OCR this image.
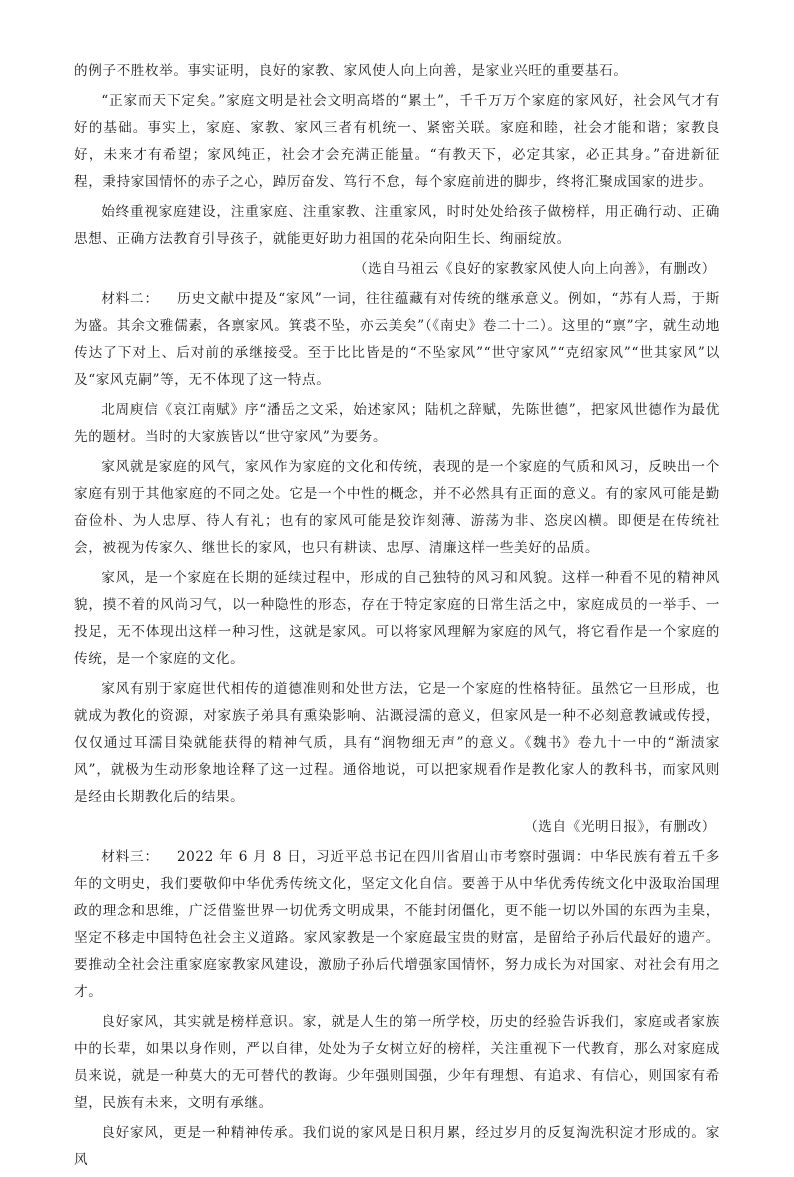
的例子不胜枚举。事实证明，良好的家教、家风使人向上向善，是家业兴旺的重要基石。

“正家而天下定矣。”家庭文明是社会文明高塔的“累土”，千千万万个家庭的家风好，社会风气才有好的基础。事实上，家庭、家教、家风三者有机统一、紧密关联。家庭和睦，社会才能和谐；家教良好，未来才有希望；家风纯正，社会才会充满正能量。“有教天下，必定其家，必正其身。”奋进新征程，秉持家国情怀的赤子之心，踔厉奋发、笃行不怠，每个家庭前进的脚步，终将汇聚成国家的进步。

始终重视家庭建设，注重家庭、注重家教、注重家风，时时处处给孩子做榜样，用正确行动、正确思想、正确方法教育引导孩子，就能更好助力祖国的花朵向阳生长、绚丽绽放。

（选自马祖云《良好的家教家风使人向上向善》，有删改）

材料二： 历史文献中提及“家风”一词，往往蕴藏有对传统的继承意义。例如，“苏有人焉，于斯为盛。其余文雅儒素，各禀家风。箕裘不坠，亦云美矣”（《南史》卷二十二）。这里的“禀”字，就生动地传达了下对上、后对前的承继接受。至于比比皆是的“不坠家风”“世守家风”“克绍家风”“世其家风”以及“家风克嗣”等，无不体现了这一特点。

北周庾信《哀江南赋》序“潘岳之文采，始述家风；陆机之辞赋，先陈世德”，把家风世德作为最优先的题材。当时的大家族皆以“世守家风”为要务。

家风就是家庭的风气，家风作为家庭的文化和传统，表现的是一个家庭的气质和风习，反映出一个家庭有别于其他家庭的不同之处。它是一个中性的概念，并不必然具有正面的意义。有的家风可能是勤奋俭朴、为人忠厚、待人有礼；也有的家风可能是狡诈刻薄、游荡为非、恣戾凶横。即便是在传统社会，被视为传家久、继世长的家风，也只有耕读、忠厚、清廉这样一些美好的品质。

家风，是一个家庭在长期的延续过程中，形成的自己独特的风习和风貌。这样一种看不见的精神风貌，摸不着的风尚习气，以一种隐性的形态，存在于特定家庭的日常生活之中，家庭成员的一举手、一投足，无不体现出这样一种习性，这就是家风。可以将家风理解为家庭的风气，将它看作是一个家庭的传统，是一个家庭的文化。

家风有别于家庭世代相传的道德准则和处世方法，它是一个家庭的性格特征。虽然它一旦形成，也就成为教化的资源，对家族子弟具有熏染影响、沾溉浸濡的意义，但家风是一种不必刻意教诫或传授，仅仅通过耳濡目染就能获得的精神气质，具有“润物细无声”的意义。《魏书》卷九十一中的“渐渍家风”，就极为生动形象地诠释了这一过程。通俗地说，可以把家规看作是教化家人的教科书，而家风则是经由长期教化后的结果。

（选自《光明日报》，有删改）

材料三： 2022 年 6 月 8 日，习近平总书记在四川省眉山市考察时强调：中华民族有着五千多年的文明史，我们要敬仰中华优秀传统文化，坚定文化自信。要善于从中华优秀传统文化中汲取治国理政的理念和思维，广泛借鉴世界一切优秀文明成果，不能封闭僵化，更不能一切以外国的东西为圭臬，坚定不移走中国特色社会主义道路。家风家教是一个家庭最宝贵的财富，是留给子孙后代最好的遗产。要推动全社会注重家庭家教家风建设，激励子孙后代增强家国情怀，努力成长为对国家、对社会有用之才。

良好家风，其实就是榜样意识。家，就是人生的第一所学校，历史的经验告诉我们，家庭或者家族中的长辈，如果以身作则，严以自律，处处为子女树立好的榜样，关注重视下一代教育，那么对家庭成员来说，就是一种莫大的无可替代的教诲。少年强则国强，少年有理想、有追求、有信心，则国家有希望，民族有未来，文明有承继。

良好家风，更是一种精神传承。我们说的家风是日积月累，经过岁月的反复淘洗积淀才形成的。家风
